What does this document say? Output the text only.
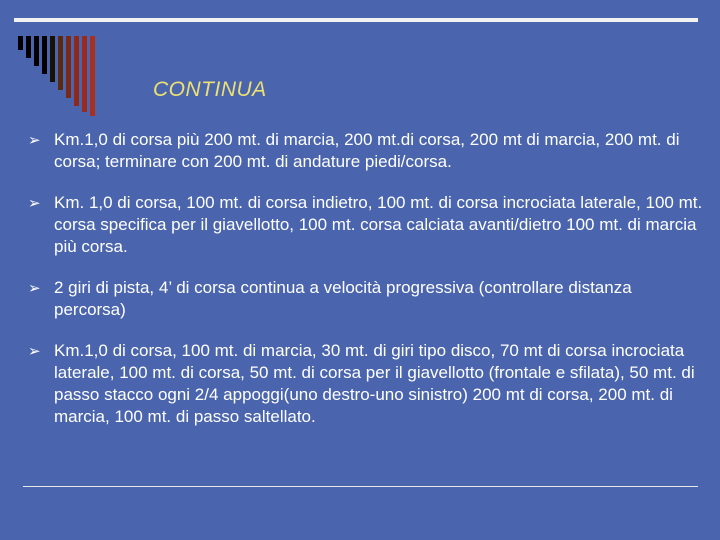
CONTINUA
➢ Km.1,0 di corsa più 200 mt. di marcia, 200 mt.di corsa, 200 mt di marcia, 200 mt. di corsa; terminare con 200 mt. di andature piedi/corsa.
➢ Km. 1,0 di corsa, 100 mt. di corsa indietro, 100 mt. di corsa incrociata laterale, 100 mt. corsa specifica per il giavellotto, 100 mt. corsa calciata avanti/dietro 100 mt. di marcia più corsa.
➢ 2 giri di pista, 4’ di corsa continua a velocità progressiva (controllare distanza percorsa)
➢ Km.1,0 di corsa, 100 mt. di marcia, 30 mt. di giri tipo disco, 70 mt di corsa incrociata laterale, 100 mt. di corsa, 50 mt. di corsa per il giavellotto (frontale e sfilata), 50 mt. di passo stacco ogni 2/4 appoggi(uno destro-uno sinistro) 200 mt di corsa, 200 mt. di marcia, 100 mt. di passo saltellato.
